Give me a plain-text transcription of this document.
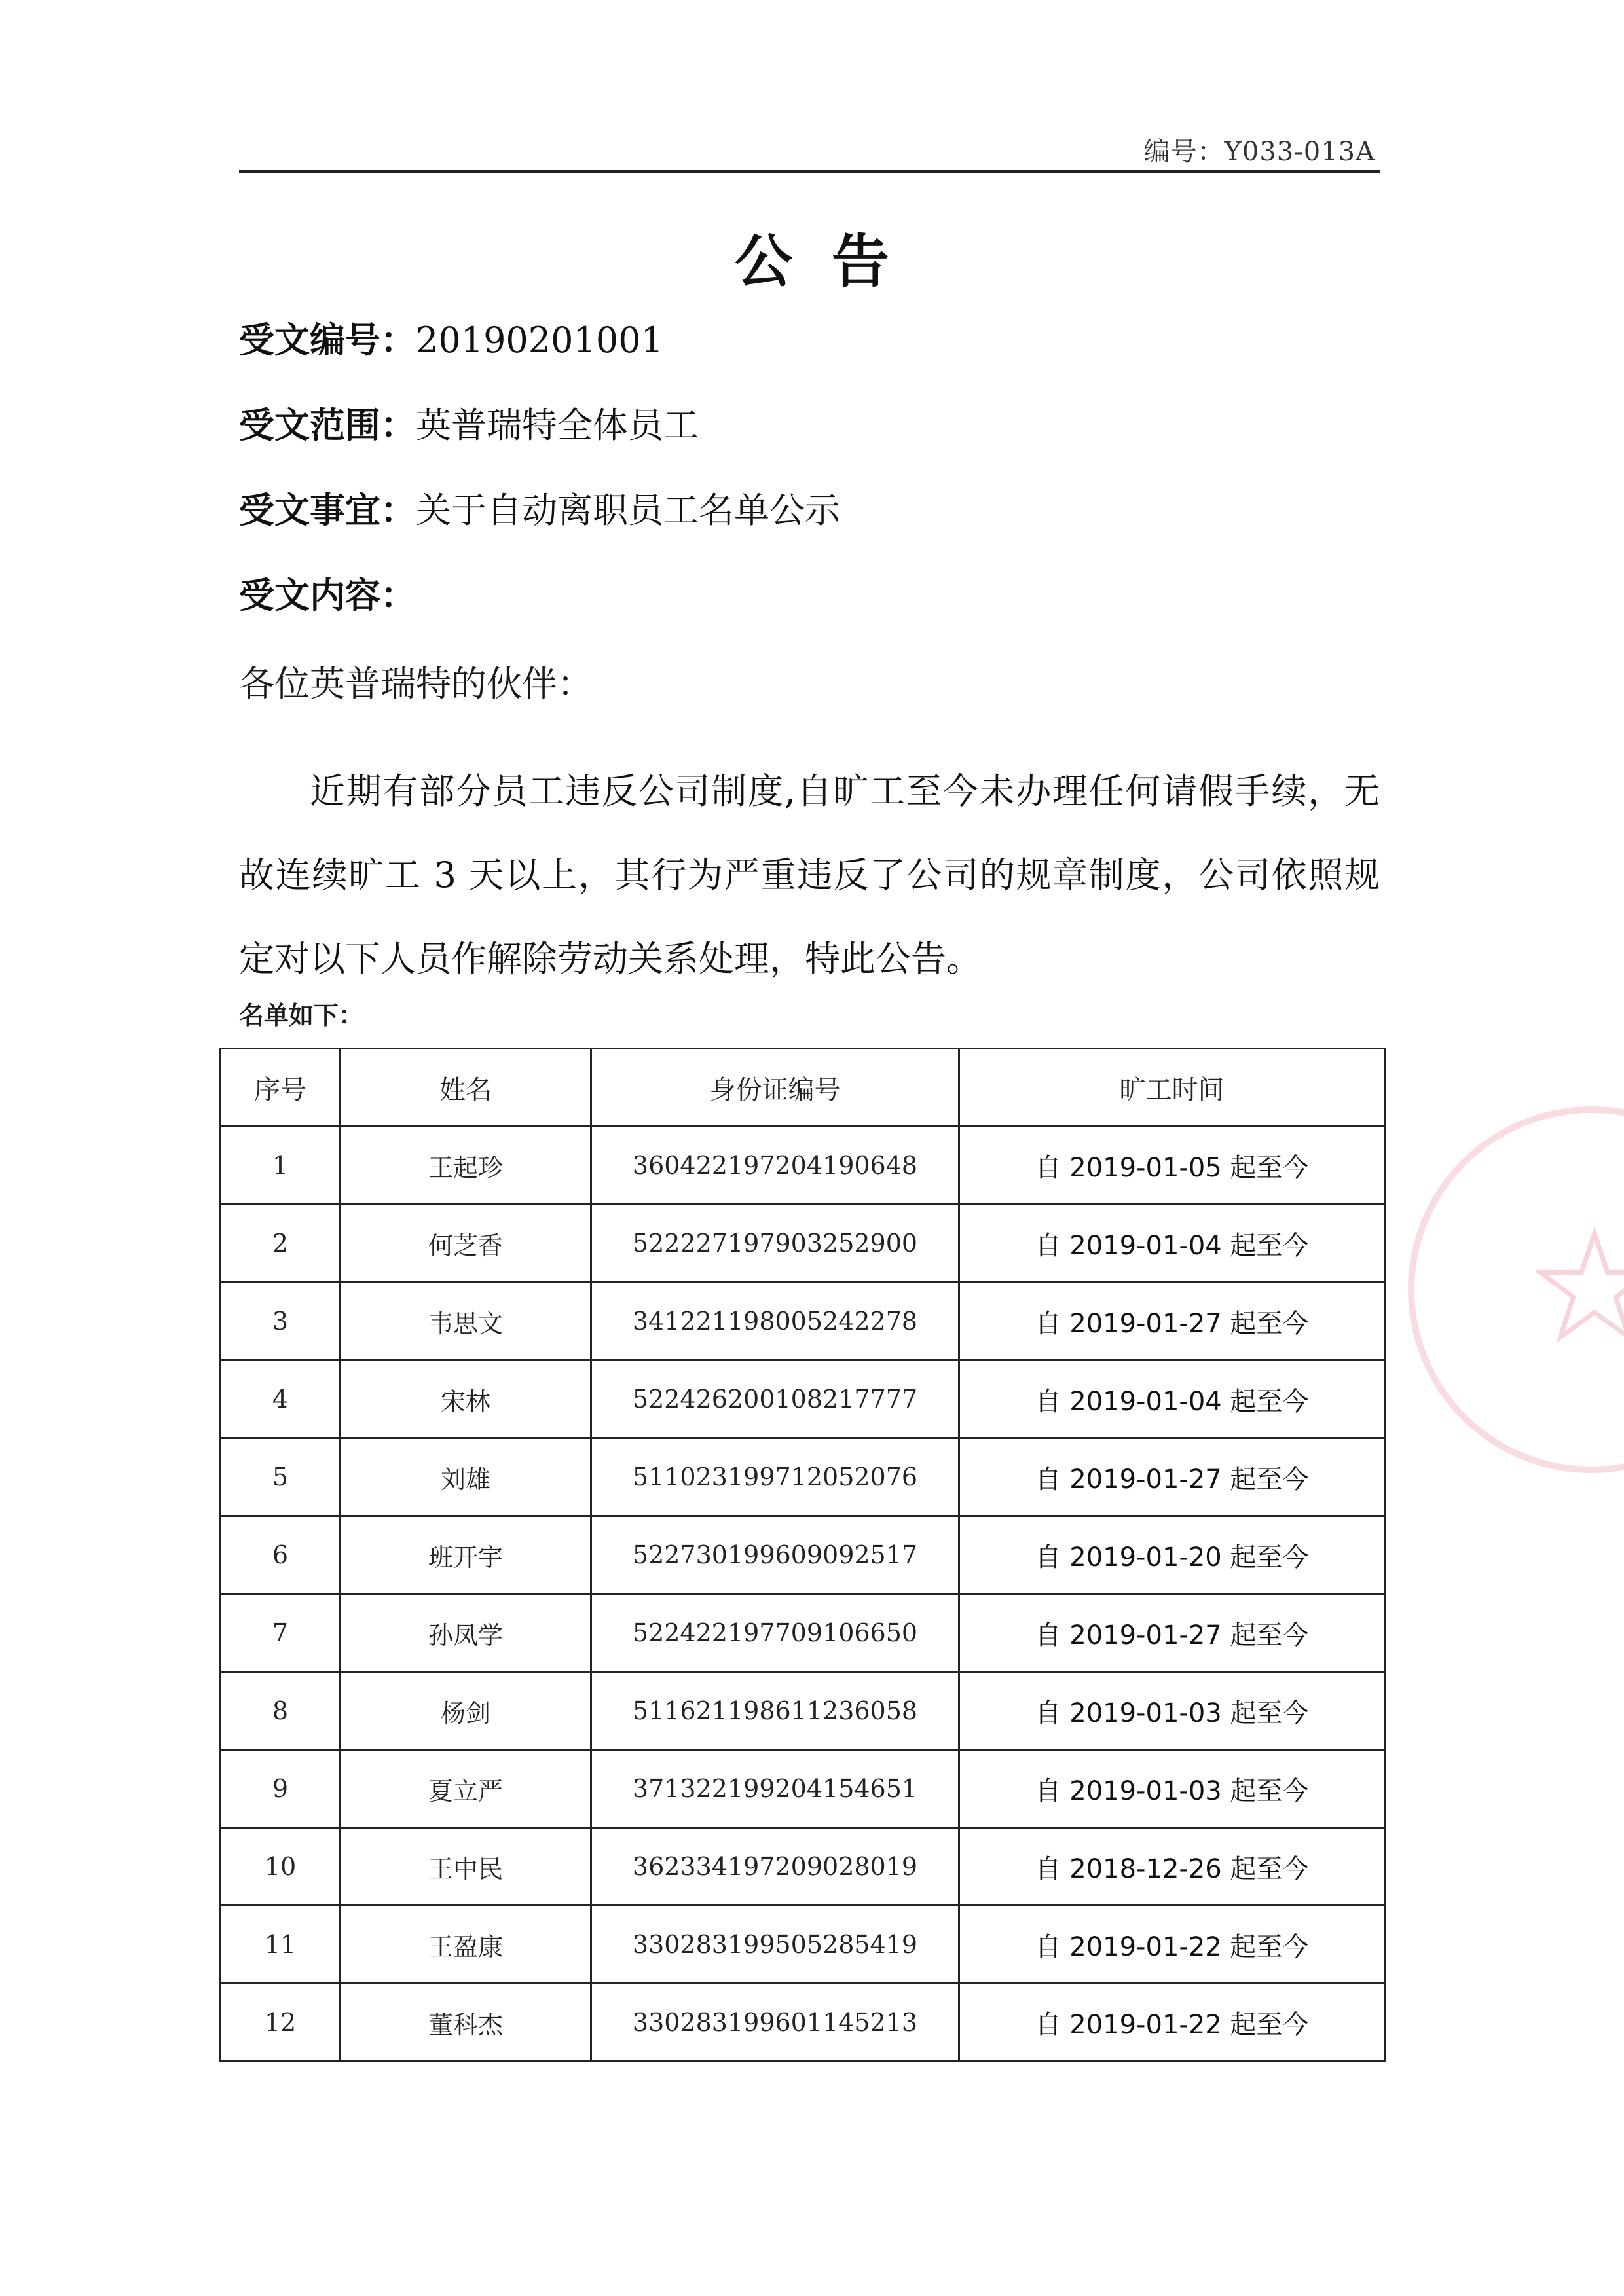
编号：Y033-013A
公告
受文编号：20190201001
受文范围：英普瑞特全体员工
受文事宜：关于自动离职员工名单公示
受文内容：
各位英普瑞特的伙伴：
近期有部分员工违反公司制度,自旷工至今未办理任何请假手续，无故连续旷工 3 天以上，其行为严重违反了公司的规章制度，公司依照规定对以下人员作解除劳动关系处理，特此公告。
名单如下：
序号	姓名	身份证编号	旷工时间
1	王起珍	360422197204190648	自 2019-01-05 起至今
2	何芝香	522227197903252900	自 2019-01-04 起至今
3	韦思文	341221198005242278	自 2019-01-27 起至今
4	宋林	522426200108217777	自 2019-01-04 起至今
5	刘雄	511023199712052076	自 2019-01-27 起至今
6	班开宇	522730199609092517	自 2019-01-20 起至今
7	孙凤学	522422197709106650	自 2019-01-27 起至今
8	杨剑	511621198611236058	自 2019-01-03 起至今
9	夏立严	371322199204154651	自 2019-01-03 起至今
10	王中民	362334197209028019	自 2018-12-26 起至今
11	王盈康	330283199505285419	自 2019-01-22 起至今
12	董科杰	330283199601145213	自 2019-01-22 起至今
